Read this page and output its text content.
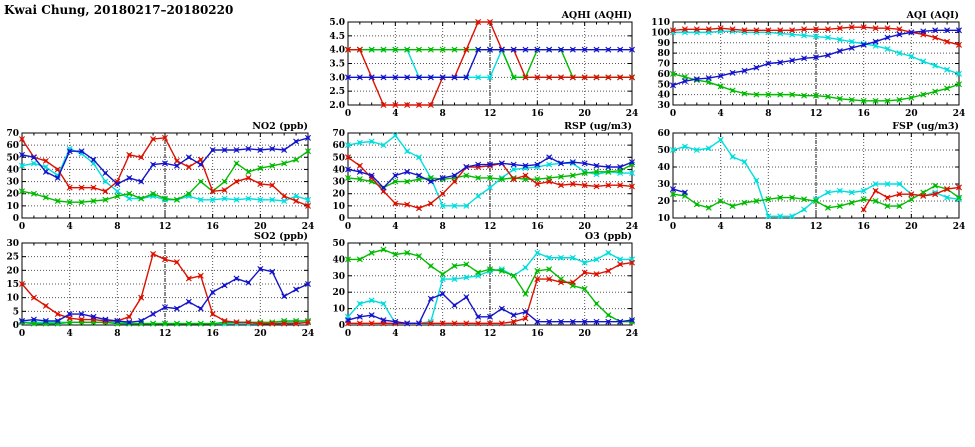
Kwai Chung, 20180217–20180220
2.0
2.5
3.0
3.5
4.0
4.5
5.0
0	4	8	12	16	20	24
AQHI (AQHI)
30
40
50
60
70
80
90
100
110
0	4	8	12	16	20	24
AQI (AQI)
0
10
20
30
40
50
60
70
0	4	8	12	16	20	24
NO2 (ppb)
0
10
20
30
40
50
60
70
0	4	8	12	16	20	24
RSP (ug/m3)
10
20
30
40
50
60
0	4	8	12	16	20	24
FSP (ug/m3)
0
5
10
15
20
25
30
0	4	8	12	16	20	24
SO2 (ppb)
0
10
20
30
40
50
0	4	8	12	16	20	24
O3 (ppb)
